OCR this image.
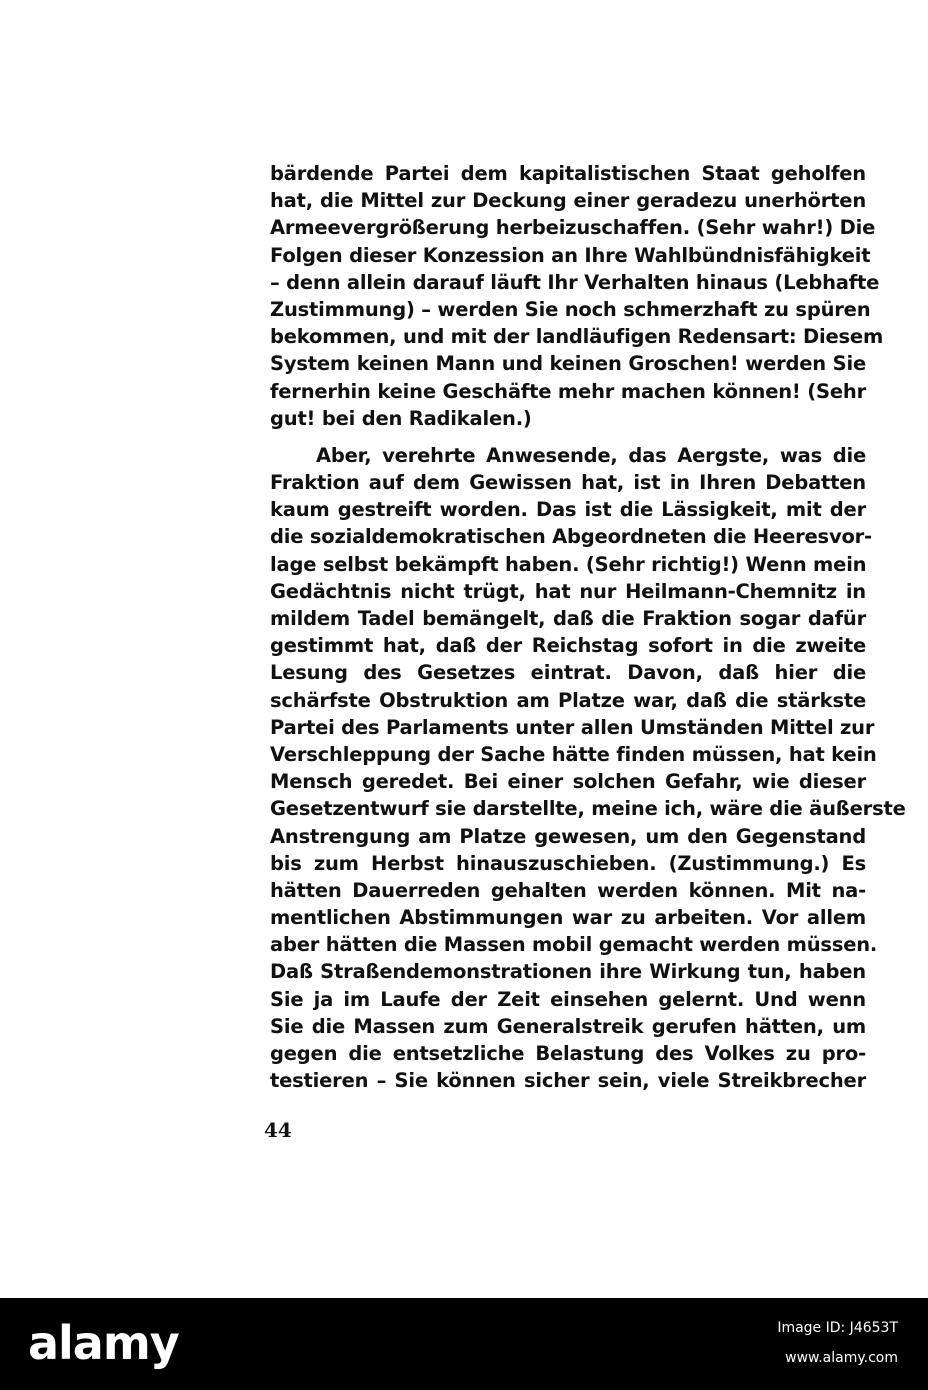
bärdende Partei dem kapitalistischen Staat geholfen
hat, die Mittel zur Deckung einer geradezu unerhörten
Armeevergrößerung herbeizuschaffen. (Sehr wahr!) Die
Folgen dieser Konzession an Ihre Wahlbündnisfähigkeit
– denn allein darauf läuft Ihr Verhalten hinaus (Lebhafte
Zustimmung) – werden Sie noch schmerzhaft zu spüren
bekommen, und mit der landläufigen Redensart: Diesem
System keinen Mann und keinen Groschen! werden Sie
fernerhin keine Geschäfte mehr machen können! (Sehr
gut! bei den Radikalen.)
Aber, verehrte Anwesende, das Aergste, was die
Fraktion auf dem Gewissen hat, ist in Ihren Debatten
kaum gestreift worden. Das ist die Lässigkeit, mit der
die sozialdemokratischen Abgeordneten die Heeresvor-
lage selbst bekämpft haben. (Sehr richtig!) Wenn mein
Gedächtnis nicht trügt, hat nur Heilmann-Chemnitz in
mildem Tadel bemängelt, daß die Fraktion sogar dafür
gestimmt hat, daß der Reichstag sofort in die zweite
Lesung des Gesetzes eintrat. Davon, daß hier die
schärfste Obstruktion am Platze war, daß die stärkste
Partei des Parlaments unter allen Umständen Mittel zur
Verschleppung der Sache hätte finden müssen, hat kein
Mensch geredet. Bei einer solchen Gefahr, wie dieser
Gesetzentwurf sie darstellte, meine ich, wäre die äußerste
Anstrengung am Platze gewesen, um den Gegenstand
bis zum Herbst hinauszuschieben. (Zustimmung.) Es
hätten Dauerreden gehalten werden können. Mit na-
mentlichen Abstimmungen war zu arbeiten. Vor allem
aber hätten die Massen mobil gemacht werden müssen.
Daß Straßendemonstrationen ihre Wirkung tun, haben
Sie ja im Laufe der Zeit einsehen gelernt. Und wenn
Sie die Massen zum Generalstreik gerufen hätten, um
gegen die entsetzliche Belastung des Volkes zu pro-
testieren – Sie können sicher sein, viele Streikbrecher
44
alamy	Image ID: J4653T
www.alamy.com
